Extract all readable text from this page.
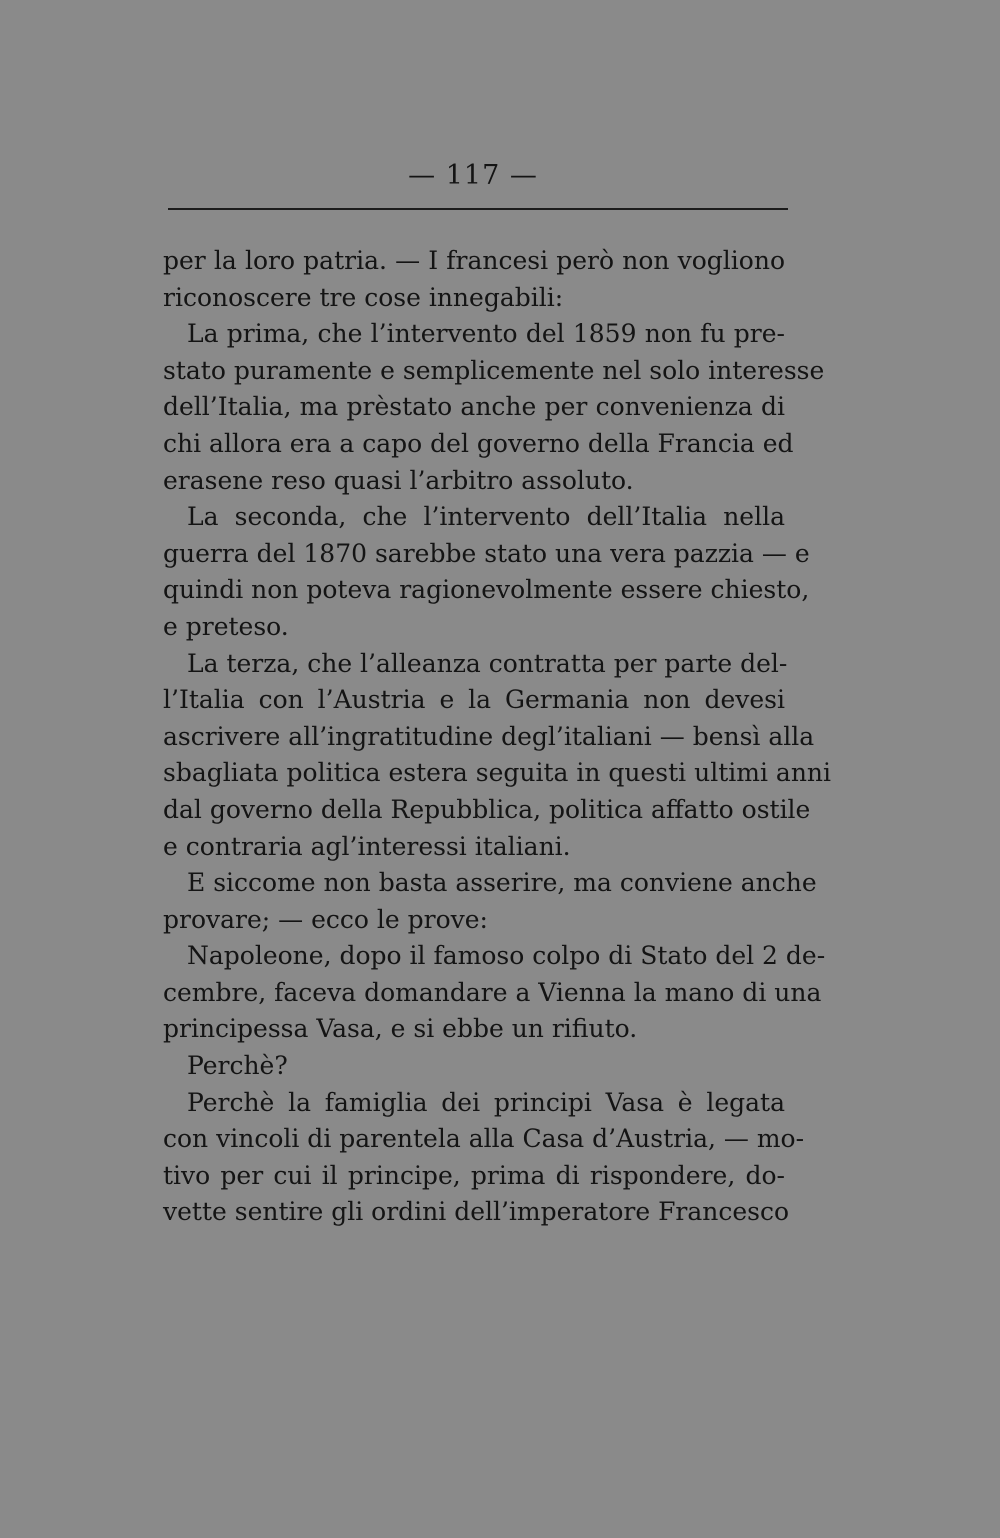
— 117 —
per la loro patria. — I francesi però non vogliono
riconoscere tre cose innegabili:
La prima, che l’intervento del 1859 non fu pre-
stato puramente e semplicemente nel solo interesse
dell’Italia, ma prèstato anche per convenienza di
chi allora era a capo del governo della Francia ed
erasene reso quasi l’arbitro assoluto.
La seconda, che l’intervento dell’Italia nella
guerra del 1870 sarebbe stato una vera pazzia — e
quindi non poteva ragionevolmente essere chiesto,
e preteso.
La terza, che l’alleanza contratta per parte del-
l’Italia con l’Austria e la Germania non devesi
ascrivere all’ingratitudine degl’italiani — bensì alla
sbagliata politica estera seguita in questi ultimi anni
dal governo della Repubblica, politica affatto ostile
e contraria agl’interessi italiani.
E siccome non basta asserire, ma conviene anche
provare; — ecco le prove:
Napoleone, dopo il famoso colpo di Stato del 2 de-
cembre, faceva domandare a Vienna la mano di una
principessa Vasa, e si ebbe un rifiuto.
Perchè?
Perchè la famiglia dei principi Vasa è legata
con vincoli di parentela alla Casa d’Austria, — mo-
tivo per cui il principe, prima di rispondere, do-
vette sentire gli ordini dell’imperatore Francesco
